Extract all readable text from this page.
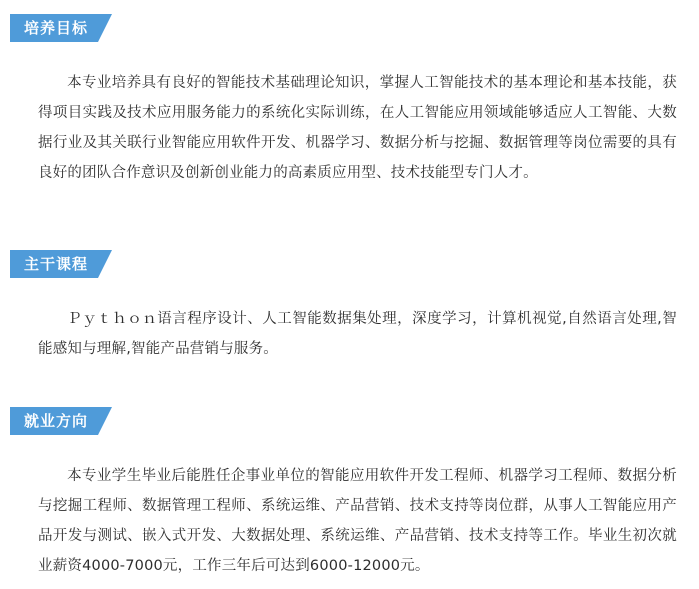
培养目标

本专业培养具有良好的智能技术基础理论知识，掌握人工智能技术的基本理论和基本技能，获得项目实践及技术应用服务能力的系统化实际训练，在人工智能应用领域能够适应人工智能、大数据行业及其关联行业智能应用软件开发、机器学习、数据分析与挖掘、数据管理等岗位需要的具有良好的团队合作意识及创新创业能力的高素质应用型、技术技能型专门人才。

主干课程

Ｐｙｔｈｏｎ语言程序设计、人工智能数据集处理，深度学习，计算机视觉,自然语言处理,智能感知与理解,智能产品营销与服务。

就业方向

本专业学生毕业后能胜任企事业单位的智能应用软件开发工程师、机器学习工程师、数据分析与挖掘工程师、数据管理工程师、系统运维、产品营销、技术支持等岗位群，从事人工智能应用产品开发与测试、嵌入式开发、大数据处理、系统运维、产品营销、技术支持等工作。毕业生初次就业薪资4000-7000元，工作三年后可达到6000-12000元。
